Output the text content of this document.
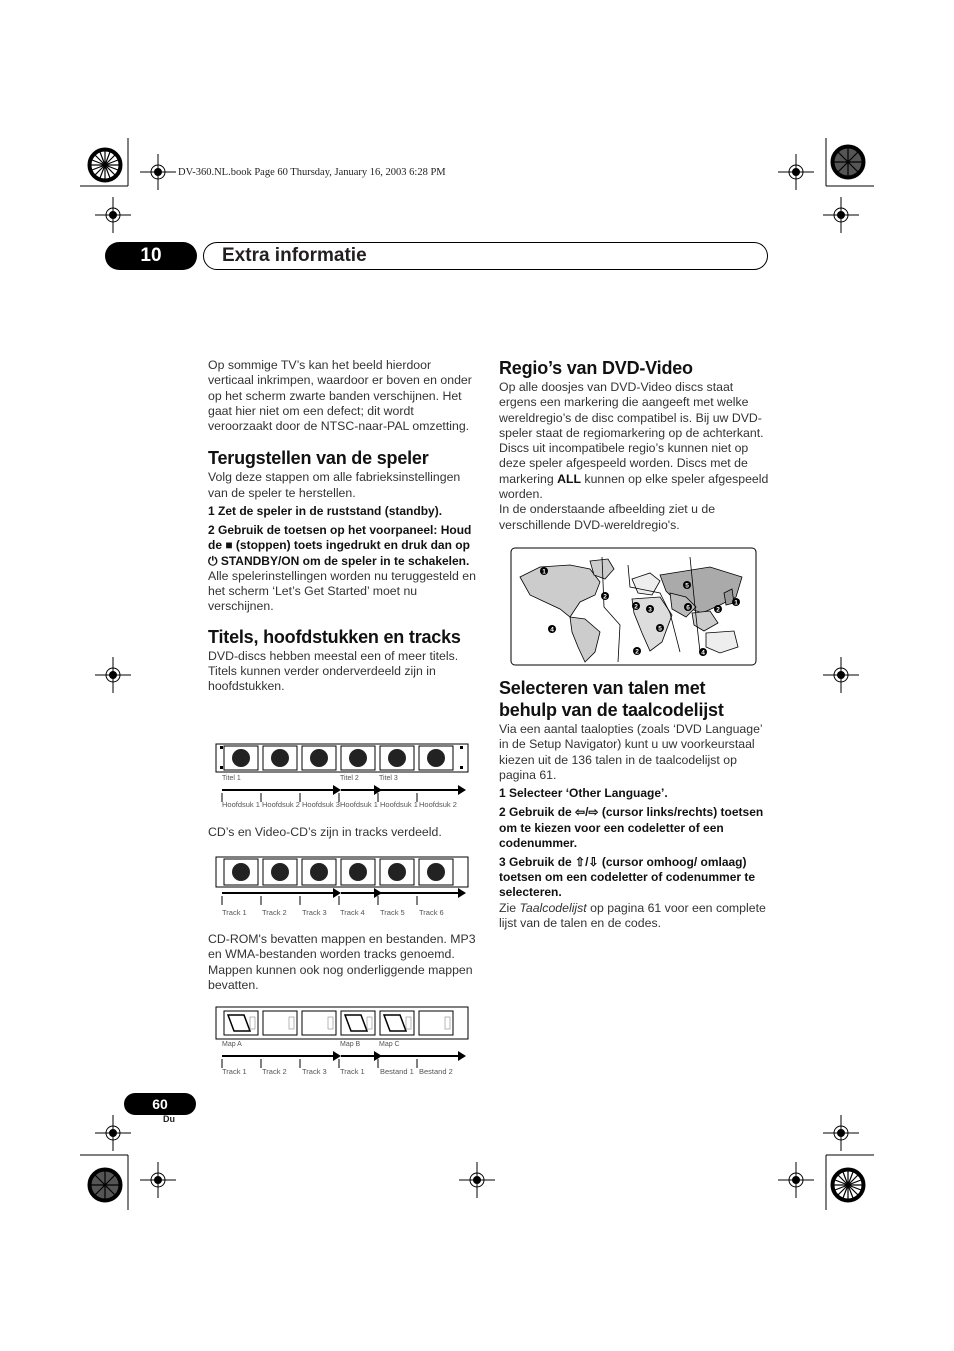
DV-360.NL.book Page 60 Thursday, January 16, 2003 6:28 PM
10	Extra informatie

Op sommige TV’s kan het beeld hierdoor verticaal inkrimpen, waardoor er boven en onder op het scherm zwarte banden verschijnen. Het gaat hier niet om een defect; dit wordt veroorzaakt door de NTSC-naar-PAL omzetting.

Terugstellen van de speler

Volg deze stappen om alle fabrieksinstellingen van de speler te herstellen.

1 Zet de speler in de ruststand (standby).

2 Gebruik de toetsen op het voorpaneel: Houd de ■ (stoppen) toets ingedrukt en druk dan op ⏻ STANDBY/ON om de speler in te schakelen.

Alle spelerinstellingen worden nu teruggesteld en het scherm ‘Let’s Get Started’ moet nu verschijnen.

Titels, hoofdstukken en tracks

DVD-discs hebben meestal een of meer titels. Titels kunnen verder onderverdeeld zijn in hoofdstukken.

Titel 1	Titel 2	Titel 3
Hoofdsuk 1 Hoofdsuk 2 Hoofdsuk 3 Hoofdsuk 1 Hoofdsuk 1 Hoofdsuk 2

CD’s en Video-CD’s zijn in tracks verdeeld.

Track 1 Track 2 Track 3 Track 4 Track 5 Track 6

CD-ROM's bevatten mappen en bestanden. MP3 en WMA-bestanden worden tracks genoemd. Mappen kunnen ook nog onderliggende mappen bevatten.

Map A	Map B	Map C
Track 1 Track 2 Track 3 Track 1 Bestand 1 Bestand 2
Regio’s van DVD-Video

Op alle doosjes van DVD-Video discs staat ergens een markering die aangeeft met welke wereldregio’s de disc compatibel is. Bij uw DVD-speler staat de regiomarkering op de achterkant. Discs uit incompatibele regio’s kunnen niet op deze speler afgespeeld worden. Discs met de markering ALL kunnen op elke speler afgespeeld worden.

In de onderstaande afbeelding ziet u de verschillende DVD-wereldregio's.

1
2
2 3
4
5
5
6	2
1
2	4
Selecteren van talen met
behulp van de taalcodelijst

Via een aantal taalopties (zoals ‘DVD Language’ in de Setup Navigator) kunt u uw voorkeurstaal kiezen uit de 136 talen in de taalcodelijst op pagina 61.

1 Selecteer ‘Other Language’.

2 Gebruik de ⇦/⇨ (cursor links/rechts) toetsen om te kiezen voor een codeletter of een codenummer.

3 Gebruik de ⇧/⇩ (cursor omhoog/ omlaag) toetsen om een codeletter of codenummer te selecteren.

Zie Taalcodelijst op pagina 61 voor een complete lijst van de talen en de codes.

60
Du
